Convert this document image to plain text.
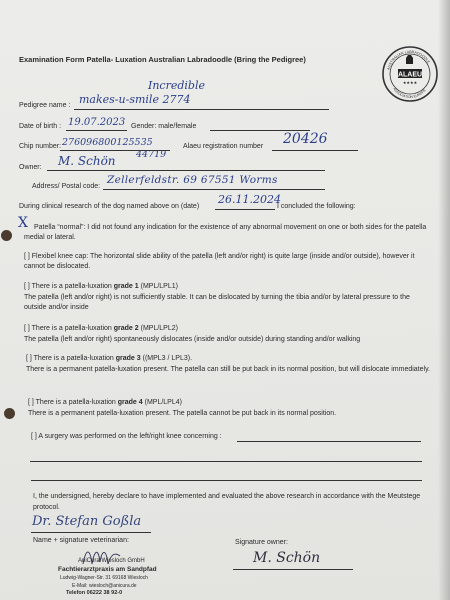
Examination Form Patella- Luxation Australian Labradoodle (Bring the Pedigree)
AUSTRALIAN LABRADOODLE
ASSOCIATION EUROPE
ALAEU
★★★★
Incredible
Pedigree name : makes-u-smile 2774
Date of birth : 19.07.2023 Gender: male/female
Chip number: 276096800125535
44719
Alaeu registration number 20426
Owner: M. Schön
Address/ Postal code:
Zellerfeldstr. 69 67551 Worms
During clinical research of the dog named above on (date)
26.11.2024
I concluded the following:
X Patella “normal”: I did not found any indication for the existence of any abnormal movement on one or both sides for the patella medial or lateral.
[ ] Flexibel knee cap: The horizontal slide ability of the patella (left and/or right) is quite large (inside and/or outside), however it cannot be dislocated.
[ ] There is a patella-luxation grade 1 (MPL/LPL1)
The patella (left and/or right) is not sufficiently stable. It can be dislocated by turning the tibia and/or by lateral pressure to the outside and/or inside
[ ] There is a patella-luxation grade 2 (MPL/LPL2)
The patella (left and/or right) spontaneously dislocates (inside and/or outside) during standing and/or walking
[ ] There is a patella-luxation grade 3 ((MPL3 / LPL3).
There is a permanent patella-luxation present. The patella can still be put back in its normal position, but will dislocate immediately.
[ ] There is a patella-luxation grade 4 (MPL/LPL4)
There is a permanent patella-luxation present. The patella cannot be put back in its normal position.
[ ] A surgery was performed on the left/right knee concerning :
I, the undersigned, hereby declare to have implemented and evaluated the above research in accordance with the Meutstege protocol.
Dr. Stefan Goßla
Name + signature veterinarian:	Signature owner:
M. Schön
AniCura Wiesloch GmbH
Fachtierarztpraxis am Sandpfad
Ludwig-Wagner-Str. 31 69168 Wiesloch
E-Mail: wiesloch@anicura.de
Telefon 06222 38 92-0
